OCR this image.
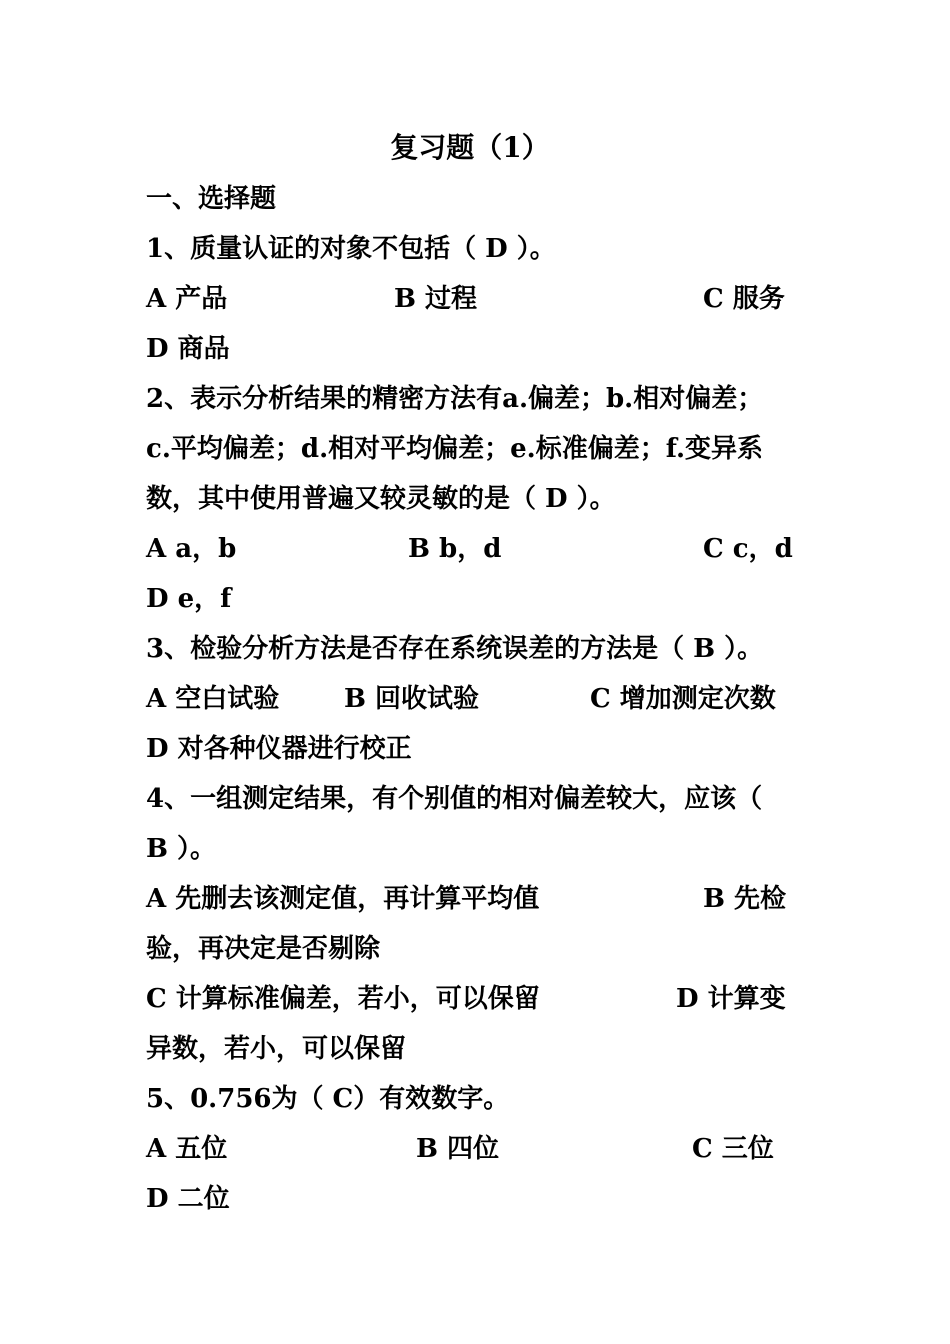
复习题（1）
一、选择题
1、质量认证的对象不包括（ D ）。
A 产品	B 过程	C 服务
D 商品
2、表示分析结果的精密方法有a.偏差；b.相对偏差；
c.平均偏差；d.相对平均偏差；e.标准偏差；f.变异系
数，其中使用普遍又较灵敏的是（ D ）。
A a，b	B b，d	C c，d
D e，f
3、检验分析方法是否存在系统误差的方法是（ B ）。
A 空白试验 B 回收试验	C 增加测定次数
D 对各种仪器进行校正
4、一组测定结果，有个别值的相对偏差较大，应该（
B ）。
A 先删去该测定值，再计算平均值	B 先检
验，再决定是否剔除
C 计算标准偏差，若小，可以保留	D 计算变
异数，若小，可以保留
5、0.756为（ C）有效数字。
A 五位	B 四位	C 三位
D 二位
